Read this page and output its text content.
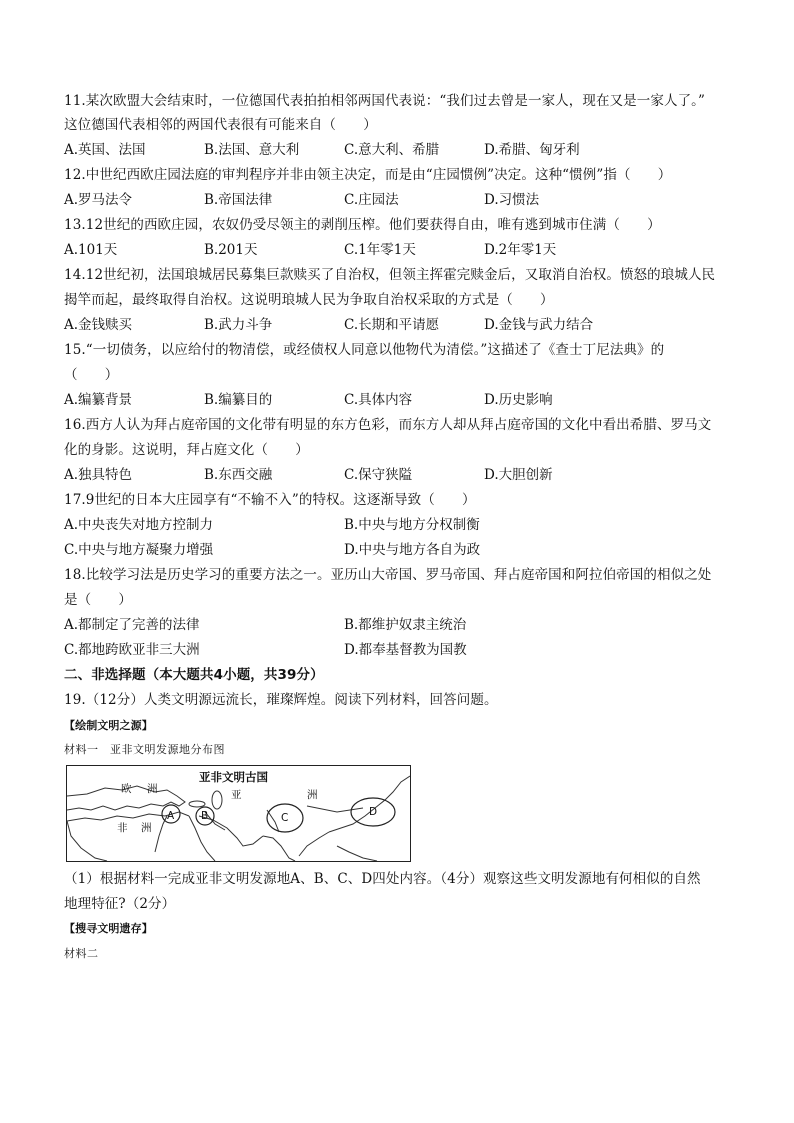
11.某次欧盟大会结束时，一位德国代表拍拍相邻两国代表说：“我们过去曾是一家人，现在又是一家人了。”
这位德国代表相邻的两国代表很有可能来自（　　）
A.英国、法国	B.法国、意大利	C.意大利、希腊	D.希腊、匈牙利
12.中世纪西欧庄园法庭的审判程序并非由领主决定，而是由“庄园惯例”决定。这种“惯例”指（　　）
A.罗马法令	B.帝国法律	C.庄园法	D.习惯法
13.12世纪的西欧庄园，农奴仍受尽领主的剥削压榨。他们要获得自由，唯有逃到城市住满（　　）
A.101天	B.201天	C.1年零1天	D.2年零1天
14.12世纪初，法国琅城居民募集巨款赎买了自治权，但领主挥霍完赎金后，又取消自治权。愤怒的琅城人民
揭竿而起，最终取得自治权。这说明琅城人民为争取自治权采取的方式是（　　）
A.金钱赎买	B.武力斗争	C.长期和平请愿	D.金钱与武力结合
15.“一切债务，以应给付的物清偿，或经债权人同意以他物代为清偿。”这描述了《查士丁尼法典》的
（　　）
A.编纂背景	B.编纂目的	C.具体内容	D.历史影响
16.西方人认为拜占庭帝国的文化带有明显的东方色彩，而东方人却从拜占庭帝国的文化中看出希腊、罗马文
化的身影。这说明，拜占庭文化（　　）
A.独具特色	B.东西交融	C.保守狭隘	D.大胆创新
17.9世纪的日本大庄园享有“不输不入”的特权。这逐渐导致（　　）
A.中央丧失对地方控制力	B.中央与地方分权制衡
C.中央与地方凝聚力增强	D.中央与地方各自为政
18.比较学习法是历史学习的重要方法之一。亚历山大帝国、罗马帝国、拜占庭帝国和阿拉伯帝国的相似之处
是（　　）
A.都制定了完善的法律	B.都维护奴隶主统治
C.都地跨欧亚非三大洲	D.都奉基督教为国教
二、非选择题（本大题共4小题，共39分）
19.（12分）人类文明源远流长，璀璨辉煌。阅读下列材料，回答问题。
【绘制文明之源】
材料一　亚非文明发源地分布图
亚非文明古国
欧 洲	亚	洲
非 洲
A	B	C	D
（1）根据材料一完成亚非文明发源地A、B、C、D四处内容。（4分）观察这些文明发源地有何相似的自然
地理特征?（2分）
【搜寻文明遗存】
材料二
